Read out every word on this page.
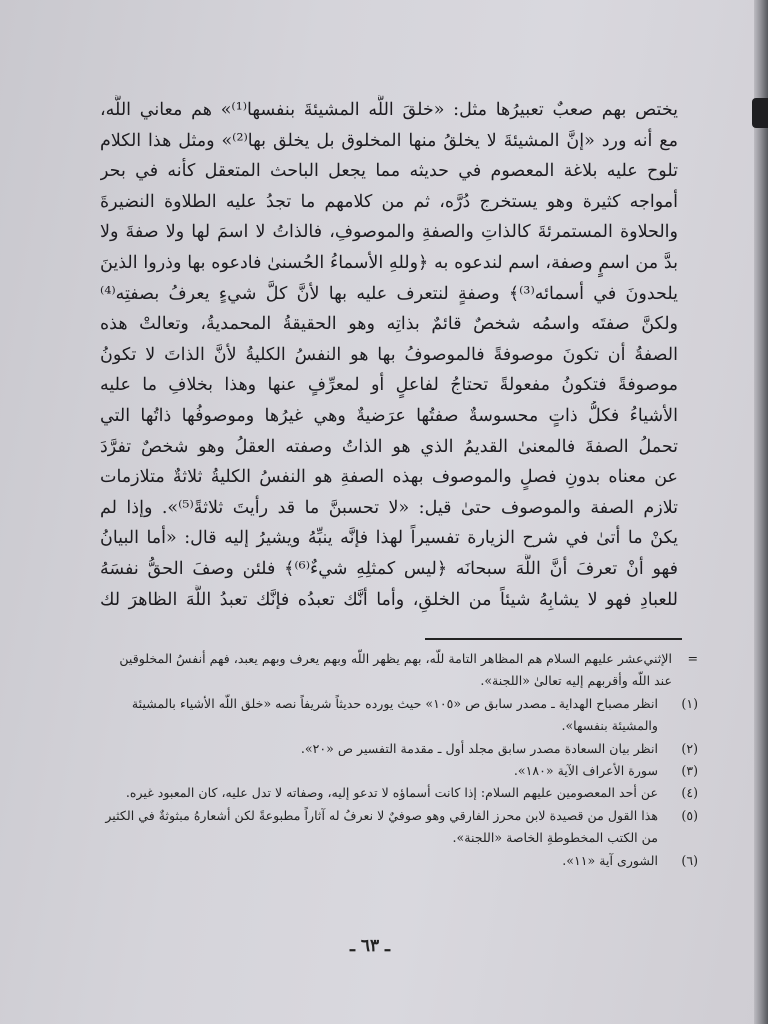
يختص بهم صعبٌ تعبيرُها مثل: «خلقَ اللَّه المشيئةَ بنفسها⁽¹⁾» هم معاني اللَّه،
مع أنه ورد «إنَّ المشيئةَ لا يخلقُ منها المخلوق بل يخلق بها⁽²⁾» ومثل هذا الكلام
تلوح عليه بلاغة المعصوم في حديثه مما يجعل الباحث المتعقل كأنه في بحر
أمواجه كثيرة وهو يستخرج دُرَّه، ثم من كلامهم ما تجدُ عليه الطلاوة النضيرةَ
والحلاوة المستمرئةَ كالذاتِ والصفةِ والموصوفِ، فالذاتُ لا اسمَ لها ولا صفةَ ولا
بدَّ من اسمٍ وصفة، اسم لندعوه به ﴿وللهِ الأسماءُ الحُسنىٰ فادعوه بها وذروا الذينَ
يلحدونَ في أسمائه⁽³⁾﴾ وصفةٍ لنتعرف عليه بها لأنَّ كلَّ شيءٍ يعرفُ بصفتِه⁽⁴⁾
ولكنَّ صفتَه واسمُه شخصٌ قائمٌ بذاتِه وهو الحقيقةُ المحمديةُ، وتعالتْ هذه
الصفةُ أن تكونَ موصوفةً فالموصوفُ بها هو النفسُ الكليةُ لأنَّ الذاتَ لا تكونُ
موصوفةً فتكونُ مفعولةً تحتاجُ لفاعلٍ أو لمعرِّفٍ عنها وهذا بخلافِ ما عليه
الأشياءُ فكلُّ ذاتٍ محسوسةٌ صفتُها عرَضيةٌ وهي غيرُها وموصوفُها ذاتُها التي
تحملُ الصفةَ فالمعنىٰ القديمُ الذي هو الذاتُ وصفته العقلُ وهو شخصٌ تفرَّدَ
عن معناه بدونِ فصلٍ والموصوف بهذه الصفةِ هو النفسُ الكليةُ ثلاثةٌ متلازمات
تلازم الصفة والموصوف حتىٰ قيل: «لا تحسبنَّ ما قد رأيتَ ثلاثةً⁽⁵⁾». وإذا لم
يكنْ ما أتىٰ في شرح الزيارة تفسيراً لهذا فإنَّه ينبِّهُ ويشيرُ إليه قال: «أما البيانُ
فهو أنْ تعرفَ أنَّ اللَّهَ سبحانَه ﴿ليس كمثلِهِ شيءٌ⁽⁶⁾﴾ فلئن وصفَ الحقُّ نفسَهُ
للعبادِ فهو لا يشابِهُ شيئاً من الخلقِ، وأما أنَّك تعبدُه فإنَّك تعبدُ اللَّهَ الظاهرَ لك
=
الإثني‌عشر عليهم السلام هم المظاهر التامة للّه، بهم يظهر اللّه وبهم يعرف وبهم يعبد، فهم أنفسُ المخلوقين عند اللّه وأقربهم إليه تعالىٰ «اللجنة».
(١)
انظر مصباح الهداية ـ مصدر سابق ص «١٠٥» حيث يورده حديثاً شريفاً نصه «خلق اللّه الأشياء بالمشيئة والمشيئة بنفسها».
(٢)
انظر بيان السعادة مصدر سابق مجلد أول ـ مقدمة التفسير ص «٢٠».
(٣)
سورة الأعراف الآية «١٨٠».
(٤)
عن أحد المعصومين عليهم السلام: إذا كانت أسماؤه لا تدعو إليه، وصفاته لا تدل عليه، كان المعبود غيره.
(٥)
هذا القول من قصيدة لابن محرز الفارقي وهو صوفيٌ لا نعرفُ له آثاراً مطبوعةً لكن أشعارهُ مبثوثةٌ في الكثير من الكتب المخطوطةِ الخاصة «اللجنة».
(٦)
الشورى آية «١١».
ـ ٦٣ ـ
